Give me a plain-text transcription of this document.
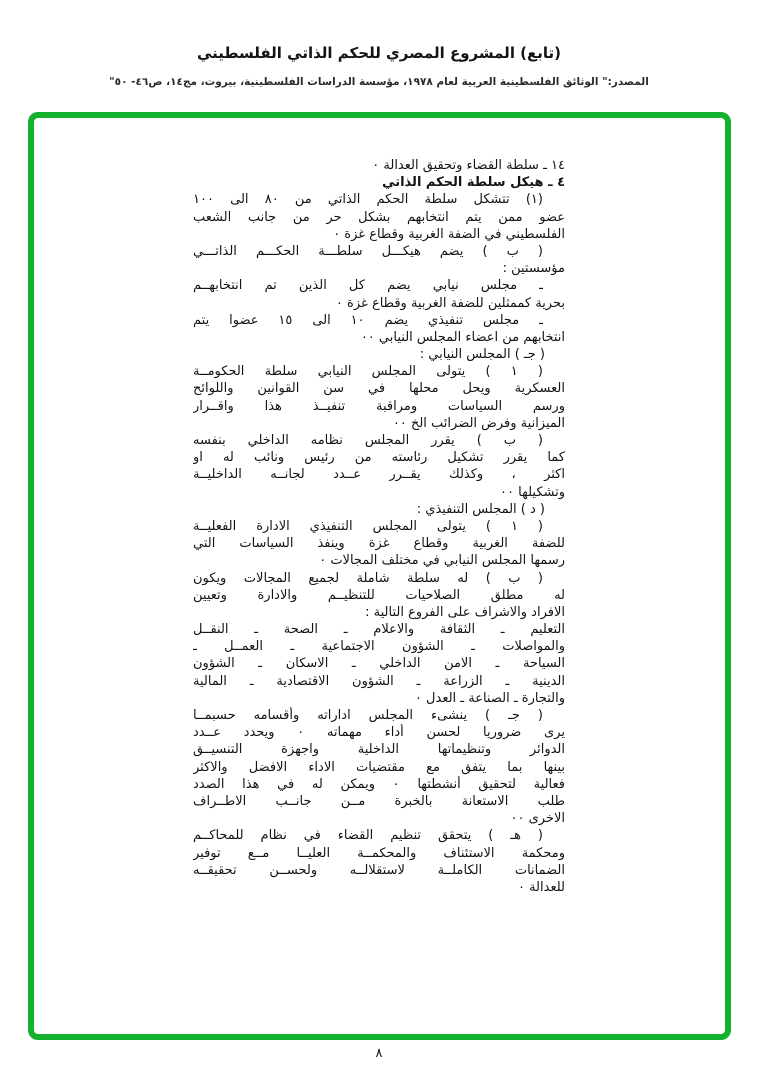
(تابع) المشروع المصري للحكم الذاتي الفلسطيني
المصدر:" الوثائق الفلسطينية العربية لعام ١٩٧٨، مؤسسة الدراسات الفلسطينية، بيروت، مج١٤، ص٤٦- ٥٠"
١٤ ـ سلطة القضاء وتحقيق العدالة ٠
٤ ـ هيكل سلطة الحكم الذاتي
(١) تتشكل سلطة الحكم الذاتي من ٨٠ الى ١٠٠
عضو ممن يتم انتخابهم بشكل حر من جانب الشعب
الفلسطيني في الضفة الغربية وقطاع غزة ٠
( ب ) يضم هيكـــل سلطـــة الحكـــم الذاتـــي
مؤسستين :
ـ مجلس نيابي يضم كل الذين تم انتخابهــم
بحرية كممثلين للضفة الغربية وقطاع غزة ٠
ـ مجلس تنفيذي يضم ١٠ الى ١٥ عضوا يتم
انتخابهم من اعضاء المجلس النيابي ٠٠
( جـ ) المجلس النيابي :
( ١ ) يتولى المجلس النيابي سلطة الحكومــة
العسكرية ويحل محلها في سن القوانين واللوائح
ورسم السياسات ومراقبة تنفيــذ هذا واقــرار
الميزانية وفرض الضرائب الخ ٠٠
( ب ) يقرر المجلس نظامه الداخلي بنفسه
كما يقرر تشكيل رئاسته من رئيس ونائب له او
اكثر ، وكذلك يقــرر عــدد لجانــه الداخليــة
وتشكيلها ٠٠
( د ) المجلس التنفيذي :
( ١ ) يتولى المجلس التنفيذي الادارة الفعليــة
للضفة الغربية وقطاع غزة وينفذ السياسات التي
رسمها المجلس النيابي في مختلف المجالات ٠
( ب ) له سلطة شاملة لجميع المجالات ويكون
له مطلق الصلاحيات للتنظيــم والادارة وتعيين
الافراد والاشراف على الفروع التالية :
التعليم ـ الثقافة والاعلام ـ الصحة ـ النقــل
والمواصلات ـ الشؤون الاجتماعية ـ العمــل ـ
السياحة ـ الامن الداخلي ـ الاسكان ـ الشؤون
الدينية ـ الزراعة ـ الشؤون الاقتصادية ـ المالية
والتجارة ـ الصناعة ـ العدل ٠
( جـ ) ينشىء المجلس اداراته وأقسامه حسبمــا
يرى ضروريا لحسن أداء مهماته ٠ ويحدد عــدد
الدوائر وتنظيماتها الداخلية واجهزة التنسيــق
بينها بما يتفق مع مقتضيات الاداء الافضل والاكثر
فعالية لتحقيق أنشطتها ٠ ويمكن له في هذا الصدد
طلب الاستعانة بالخبرة مــن جانــب الاطــراف
الاخرى ٠٠
( هـ ) يتحقق تنظيم القضاء في نظام للمحاكــم
ومحكمة الاستئناف والمحكمــة العليــا مــع توفير
الضمانات الكاملــة لاستقلالــه ولحســن تحقيقــه
للعدالة ٠
٨
